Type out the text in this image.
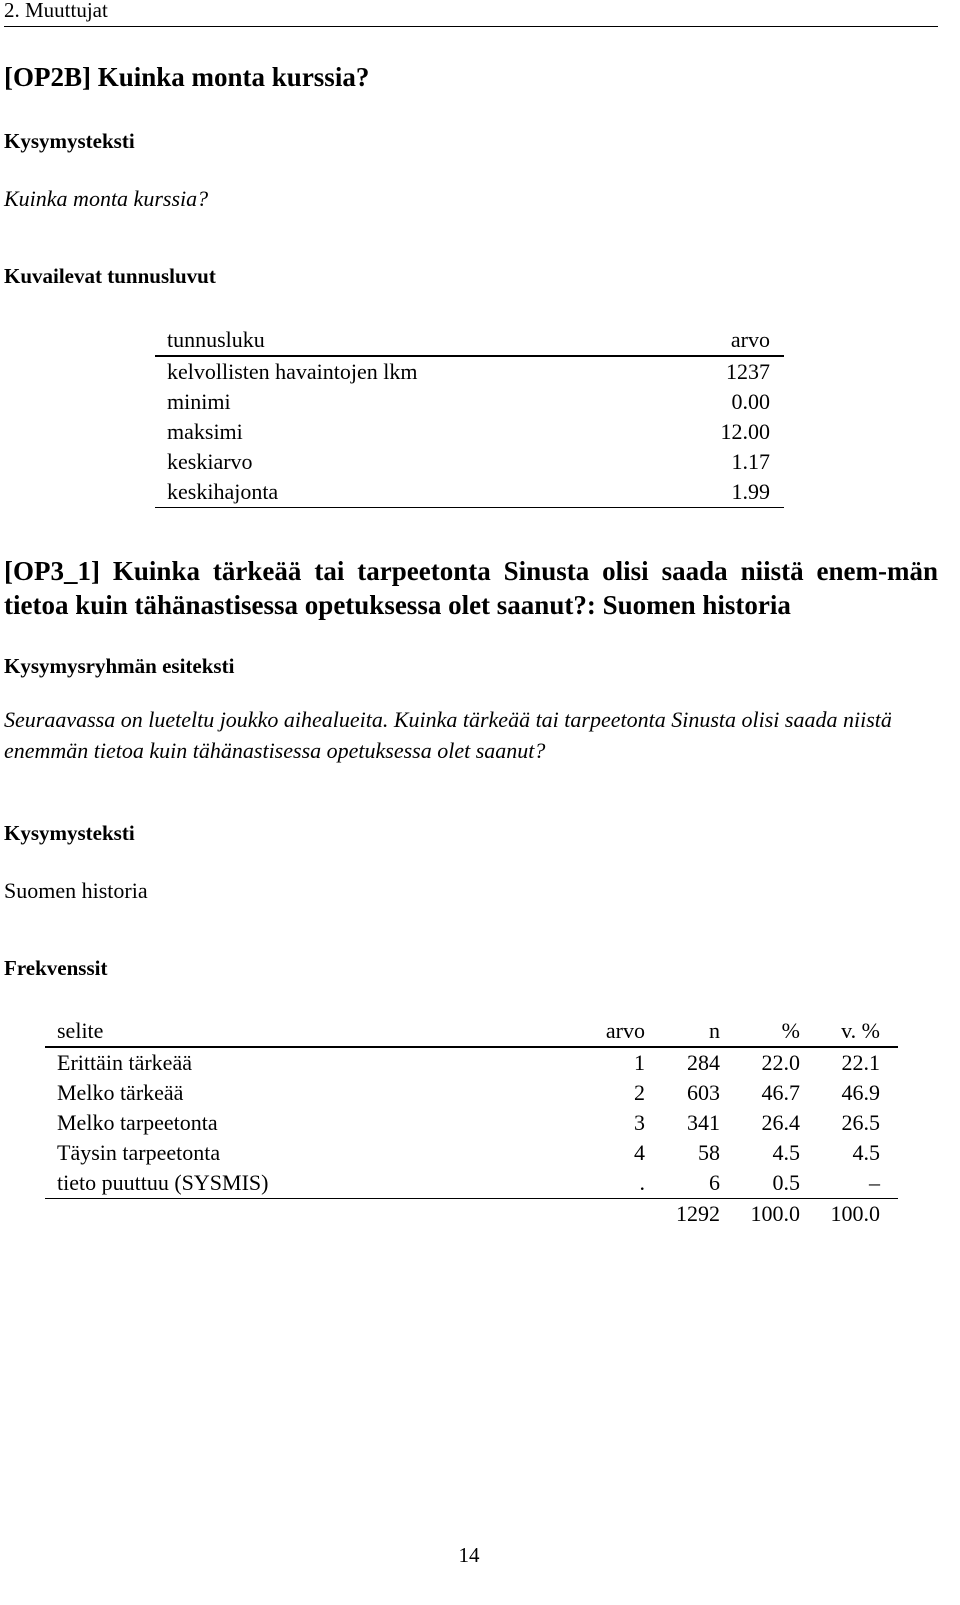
2. Muuttujat
[OP2B] Kuinka monta kurssia?
Kysymysteksti
Kuinka monta kurssia?
Kuvailevat tunnusluvut
tunnusluku	arvo
kelvollisten havaintojen lkm	1237
minimi	0.00
maksimi	12.00
keskiarvo	1.17
keskihajonta	1.99
[OP3_1] Kuinka tärkeää tai tarpeetonta Sinusta olisi saada niistä enem-män tietoa kuin tähänastisessa opetuksessa olet saanut?: Suomen historia
Kysymysryhmän esiteksti
Seuraavassa on lueteltu joukko aihealueita. Kuinka tärkeää tai tarpeetonta Sinusta olisi saada niistä enemmän tietoa kuin tähänastisessa opetuksessa olet saanut?
Kysymysteksti
Suomen historia
Frekvenssit
selite	arvo	n	%	v. %
Erittäin tärkeää	1	284	22.0	22.1
Melko tärkeää	2	603	46.7	46.9
Melko tarpeetonta	3	341	26.4	26.5
Täysin tarpeetonta	4	58	4.5	4.5
tieto puuttuu (SYSMIS)	.	6	0.5	–
		1292	100.0	100.0
14
